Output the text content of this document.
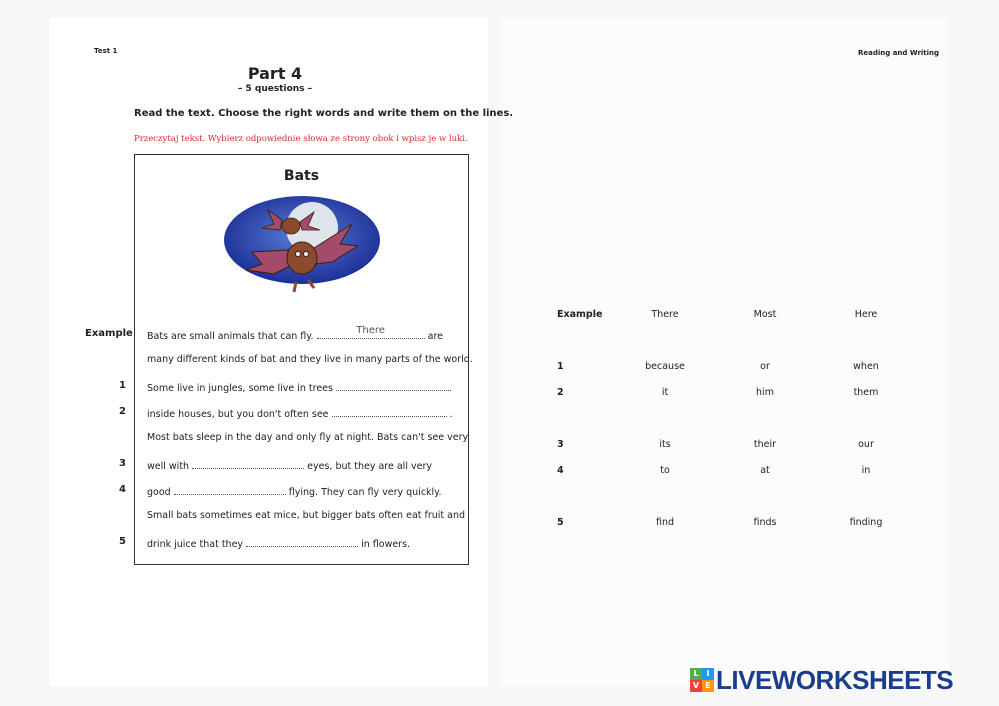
Test 1
Part 4
– 5 questions –
Read the text. Choose the right words and write them on the lines.
Przeczytaj tekst. Wybierz odpowiednie słowa ze strony obok i wpisz je w luki.
Bats
Example Bats are small animals that can fly.
There
are
many different kinds of bat and they live in many parts of the world.
1 Some live in jungles, some live in trees
2 inside houses, but you don't often see	.
Most bats sleep in the day and only fly at night. Bats can't see very
3 well with	eyes, but they are all very
4 good	flying. They can fly very quickly.
Small bats sometimes eat mice, but bigger bats often eat fruit and
5 drink juice that they	in flowers.
Reading and Writing
Example	There	Most	Here
1	because	or	when
2	it	him	them
3	its	their	our
4	to	at	in
5	find	finds	finding
L I
V E LIVEWORKSHEETS
